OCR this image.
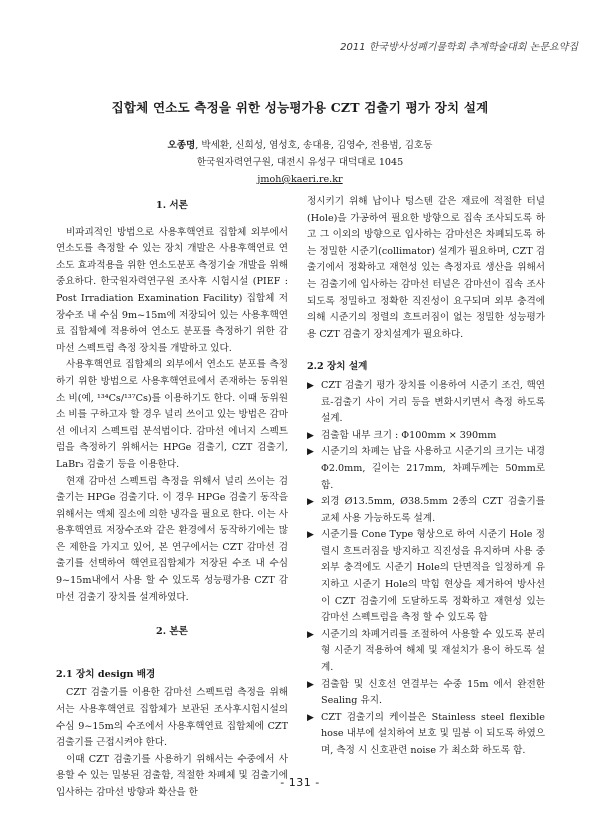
2011 한국방사성폐기물학회 추계학술대회 논문요약집
집합체 연소도 측정을 위한 성능평가용 CZT 검출기 평가 장치 설계
오종명, 박세환, 신희성, 염성호, 송대용, 김영수, 전용범, 김호동
한국원자력연구원, 대전시 유성구 대덕대로 1045
jmoh@kaeri.re.kr
1. 서론

비파괴적인 방법으로 사용후핵연료 집합체 외부에서 연소도를 측정할 수 있는 장치 개발은 사용후핵연료 연소도 효과적용을 위한 연소도분포 측정기술 개발을 위해 중요하다. 한국원자력연구원 조사후 시험시설 (PIEF : Post Irradiation Examination Facility) 집합체 저장수조 내 수심 9m~15m에 저장되어 있는 사용후핵연료 집합체에 적용하여 연소도 분포를 측정하기 위한 감마선 스펙트럼 측정 장치를 개발하고 있다.

사용후핵연료 집합체의 외부에서 연소도 분포를 측정하기 위한 방법으로 사용후핵연료에서 존재하는 동위원소 비(예, ¹³⁴Cs/¹³⁷Cs)를 이용하기도 한다. 이때 동위원소 비를 구하고자 할 경우 널리 쓰이고 있는 방법은 감마선 에너지 스펙트럼 분석법이다. 감마선 에너지 스펙트럼을 측정하기 위해서는 HPGe 검출기, CZT 검출기, LaBr₃ 검출기 등을 이용한다.

현재 감마선 스펙트럼 측정을 위해서 널리 쓰이는 검출기는 HPGe 검출기다. 이 경우 HPGe 검출기 동작을 위해서는 액체 질소에 의한 냉각을 필요로 한다. 이는 사용후핵연료 저장수조와 같은 환경에서 동작하기에는 많은 제한을 가지고 있어, 본 연구에서는 CZT 감마선 검출기를 선택하여 핵연료집합체가 저장된 수조 내 수심 9~15m내에서 사용 할 수 있도록 성능평가용 CZT 감마선 검출기 장치를 설계하였다.

2. 본론
2.1 장치 design 배경

CZT 검출기를 이용한 감마선 스펙트럼 측정을 위해서는 사용후핵연료 집합체가 보관된 조사후시험시설의 수심 9~15m의 수조에서 사용후핵연료 집합체에 CZT 검출기를 근접시켜야 한다.

이때 CZT 검출기를 사용하기 위해서는 수중에서 사용할 수 있는 밀봉된 검출함, 적절한 차폐체 및 검출기에 입사하는 감마선 방향과 확산을 한

정시키기 위해 납이나 텅스텐 같은 재료에 적절한 터널(Hole)을 가공하여 필요한 방향으로 집속 조사되도록 하고 그 이외의 방향으로 입사하는 감마선은 차폐되도록 하는 정밀한 시준기(collimator) 설계가 필요하며, CZT 검출기에서 정확하고 재현성 있는 측정자료 생산을 위해서는 검출기에 입사하는 감마선 터널은 감마선이 집속 조사되도록 정밀하고 정확한 직진성이 요구되며 외부 충격에 의해 시준기의 정렬의 흐트러짐이 없는 정밀한 성능평가용 CZT 검출기 장치설계가 필요하다.

2.2 장치 설계
▶ CZT 검출기 평가 장치를 이용하여 시준기 조건, 핵연료-검출기 사이 거리 등을 변화시키면서 측정 하도록 설계.
▶ 검출함 내부 크기 : Φ100mm × 390mm
▶ 시준기의 차폐는 납을 사용하고 시준기의 크기는 내경 Φ2.0mm, 길이는 217mm, 차폐두께는 50mm로 함.
▶ 외경 Ø13.5mm, Ø38.5mm 2종의 CZT 검출기를 교체 사용 가능하도록 설계.
▶ 시준기를 Cone Type 형상으로 하여 시준기 Hole 정렬시 흐트러짐을 방지하고 직진성을 유지하며 사용 중 외부 충격에도 시준기 Hole의 단면적을 일정하게 유지하고 시준기 Hole의 막힘 현상을 제거하여 방사선이 CZT 검출기에 도달하도록 정확하고 재현성 있는 감마선 스펙트럼을 측정 할 수 있도록 함
▶ 시준기의 차폐거리를 조절하여 사용할 수 있도록 분리형 시준기 적용하여 해체 및 재설치가 용이 하도록 설계.
▶ 검출함 및 신호선 연결부는 수중 15m 에서 완전한 Sealing 유지.
▶ CZT 검출기의 케이블은 Stainless steel flexible hose 내부에 설치하여 보호 및 밀봉 이 되도록 하였으며, 측정 시 신호관련 noise 가 최소화 하도록 함.
- 131 -
